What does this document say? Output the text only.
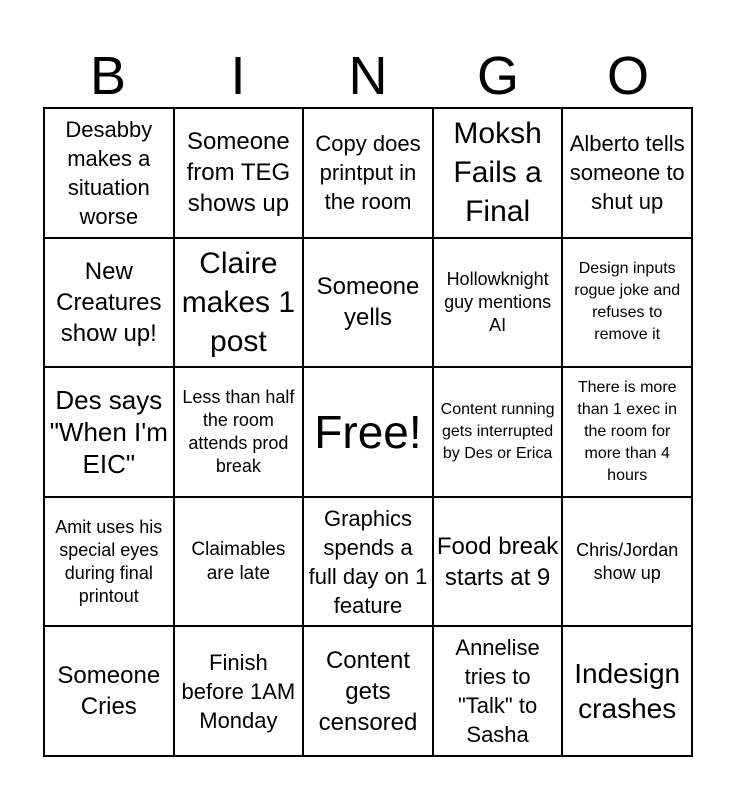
B	I	N	G	O
Desabby makes a situation worse
Someone from TEG shows up
Copy does printput in the room
Moksh Fails a Final
Alberto tells someone to shut up
New Creatures show up!
Claire makes 1 post
Someone yells
Hollowknight guy mentions AI
Design inputs rogue joke and refuses to remove it
Des says "When I'm EIC"
Less than half the room attends prod break
Free! Content running gets interrupted by Des or Erica
There is more than 1 exec in the room for more than 4 hours
Amit uses his special eyes during final printout
Claimables are late
Graphics spends a full day on 1 feature
Food break starts at 9
Chris/Jordan show up
Someone Cries
Finish before 1AM Monday
Content gets censored
Annelise tries to "Talk" to Sasha
Indesign crashes
